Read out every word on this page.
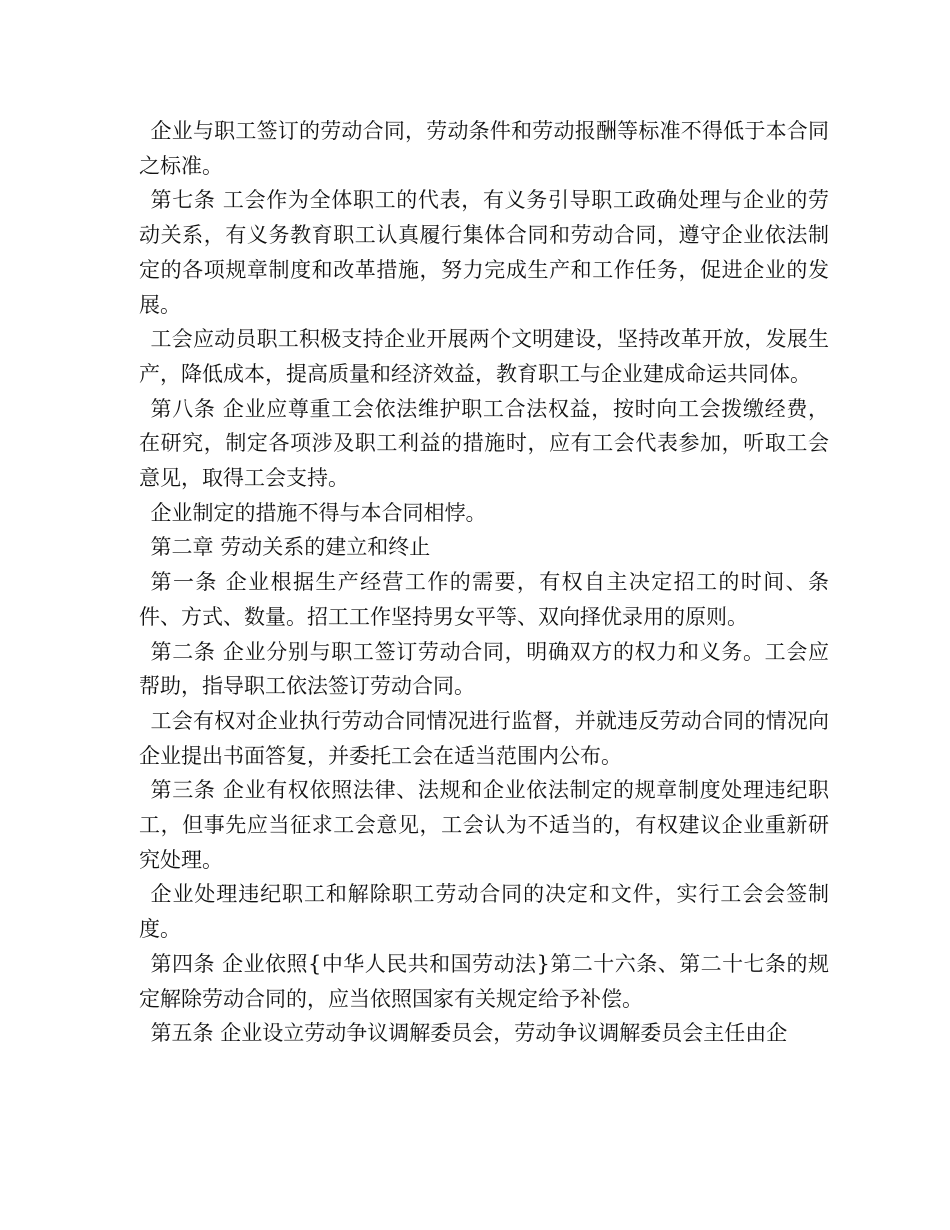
企业与职工签订的劳动合同，劳动条件和劳动报酬等标准不得低于本合同之标准。

第七条 工会作为全体职工的代表，有义务引导职工政确处理与企业的劳动关系，有义务教育职工认真履行集体合同和劳动合同，遵守企业依法制定的各项规章制度和改革措施，努力完成生产和工作任务，促进企业的发展。

工会应动员职工积极支持企业开展两个文明建设，坚持改革开放，发展生产，降低成本，提高质量和经济效益，教育职工与企业建成命运共同体。

第八条 企业应尊重工会依法维护职工合法权益，按时向工会拨缴经费，在研究，制定各项涉及职工利益的措施时，应有工会代表参加，听取工会意见，取得工会支持。

企业制定的措施不得与本合同相悖。

第二章 劳动关系的建立和终止

第一条 企业根据生产经营工作的需要，有权自主决定招工的时间、条件、方式、数量。招工工作坚持男女平等、双向择优录用的原则。

第二条 企业分别与职工签订劳动合同，明确双方的权力和义务。工会应帮助，指导职工依法签订劳动合同。

工会有权对企业执行劳动合同情况进行监督，并就违反劳动合同的情况向企业提出书面答复，并委托工会在适当范围内公布。

第三条 企业有权依照法律、法规和企业依法制定的规章制度处理违纪职工，但事先应当征求工会意见，工会认为不适当的，有权建议企业重新研究处理。

企业处理违纪职工和解除职工劳动合同的决定和文件，实行工会会签制度。

第四条 企业依照{中华人民共和国劳动法}第二十六条、第二十七条的规定解除劳动合同的，应当依照国家有关规定给予补偿。

第五条 企业设立劳动争议调解委员会，劳动争议调解委员会主任由企
